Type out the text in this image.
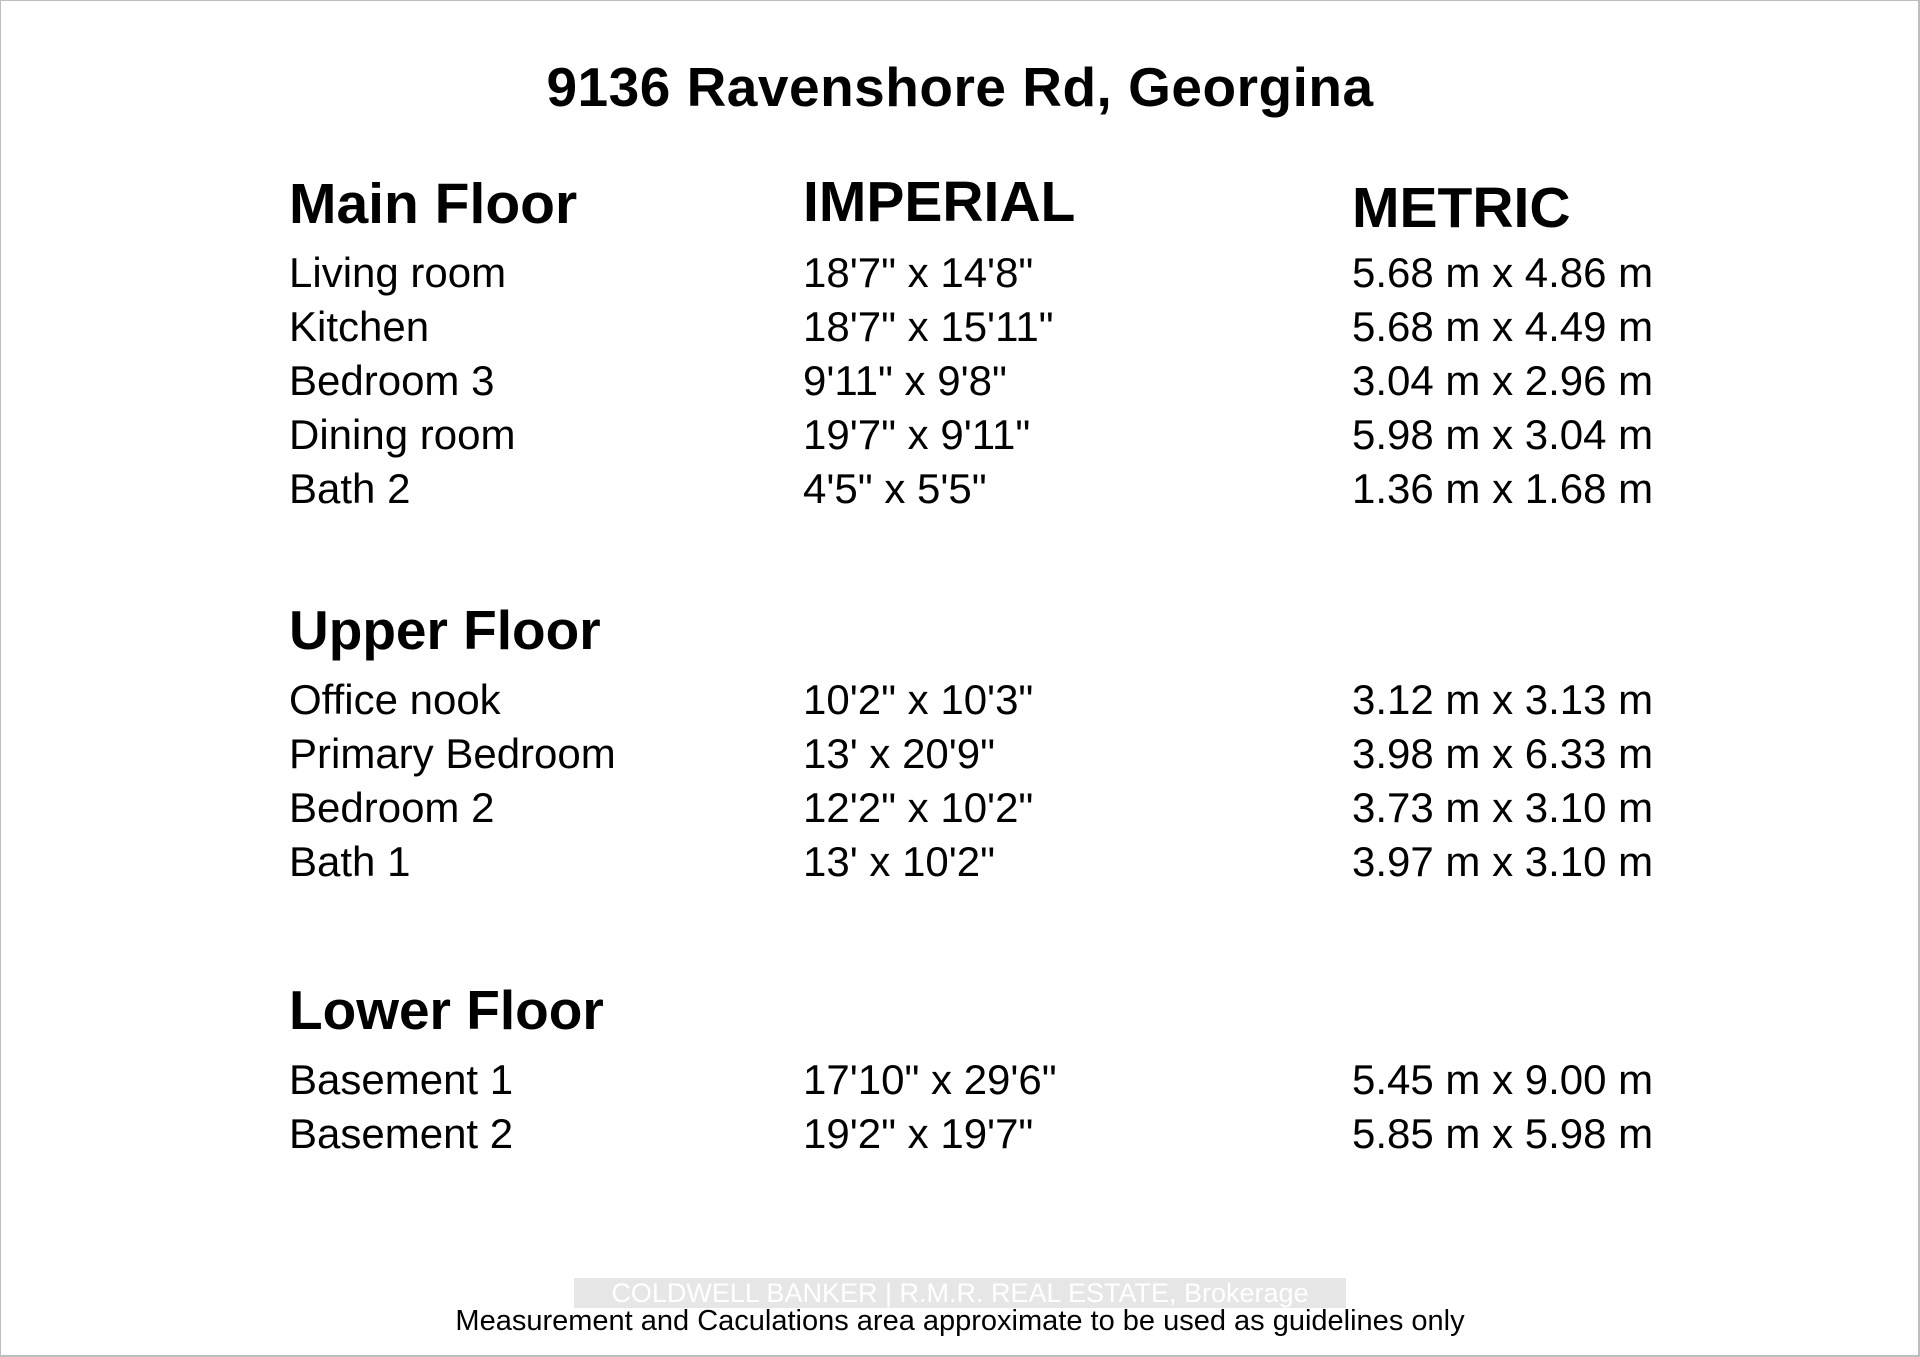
9136 Ravenshore Rd, Georgina
Main Floor	IMPERIAL	METRIC
Living room	18'7" x 14'8"	5.68 m x 4.86 m
Kitchen	18'7" x 15'11"	5.68 m x 4.49 m
Bedroom 3	9'11" x 9'8"	3.04 m x 2.96 m
Dining room	19'7" x 9'11"	5.98 m x 3.04 m
Bath 2	4'5" x 5'5"	1.36 m x 1.68 m
Upper Floor
Office nook	10'2" x 10'3"	3.12 m x 3.13 m
Primary Bedroom	13' x 20'9"	3.98 m x 6.33 m
Bedroom 2	12'2" x 10'2"	3.73 m x 3.10 m
Bath 1	13' x 10'2"	3.97 m x 3.10 m
Lower Floor
Basement 1	17'10" x 29'6"	5.45 m x 9.00 m
Basement 2	19'2" x 19'7"	5.85 m x 5.98 m
COLDWELL BANKER | R.M.R. REAL ESTATE, Brokerage
Measurement and Caculations area approximate to be used as guidelines only
